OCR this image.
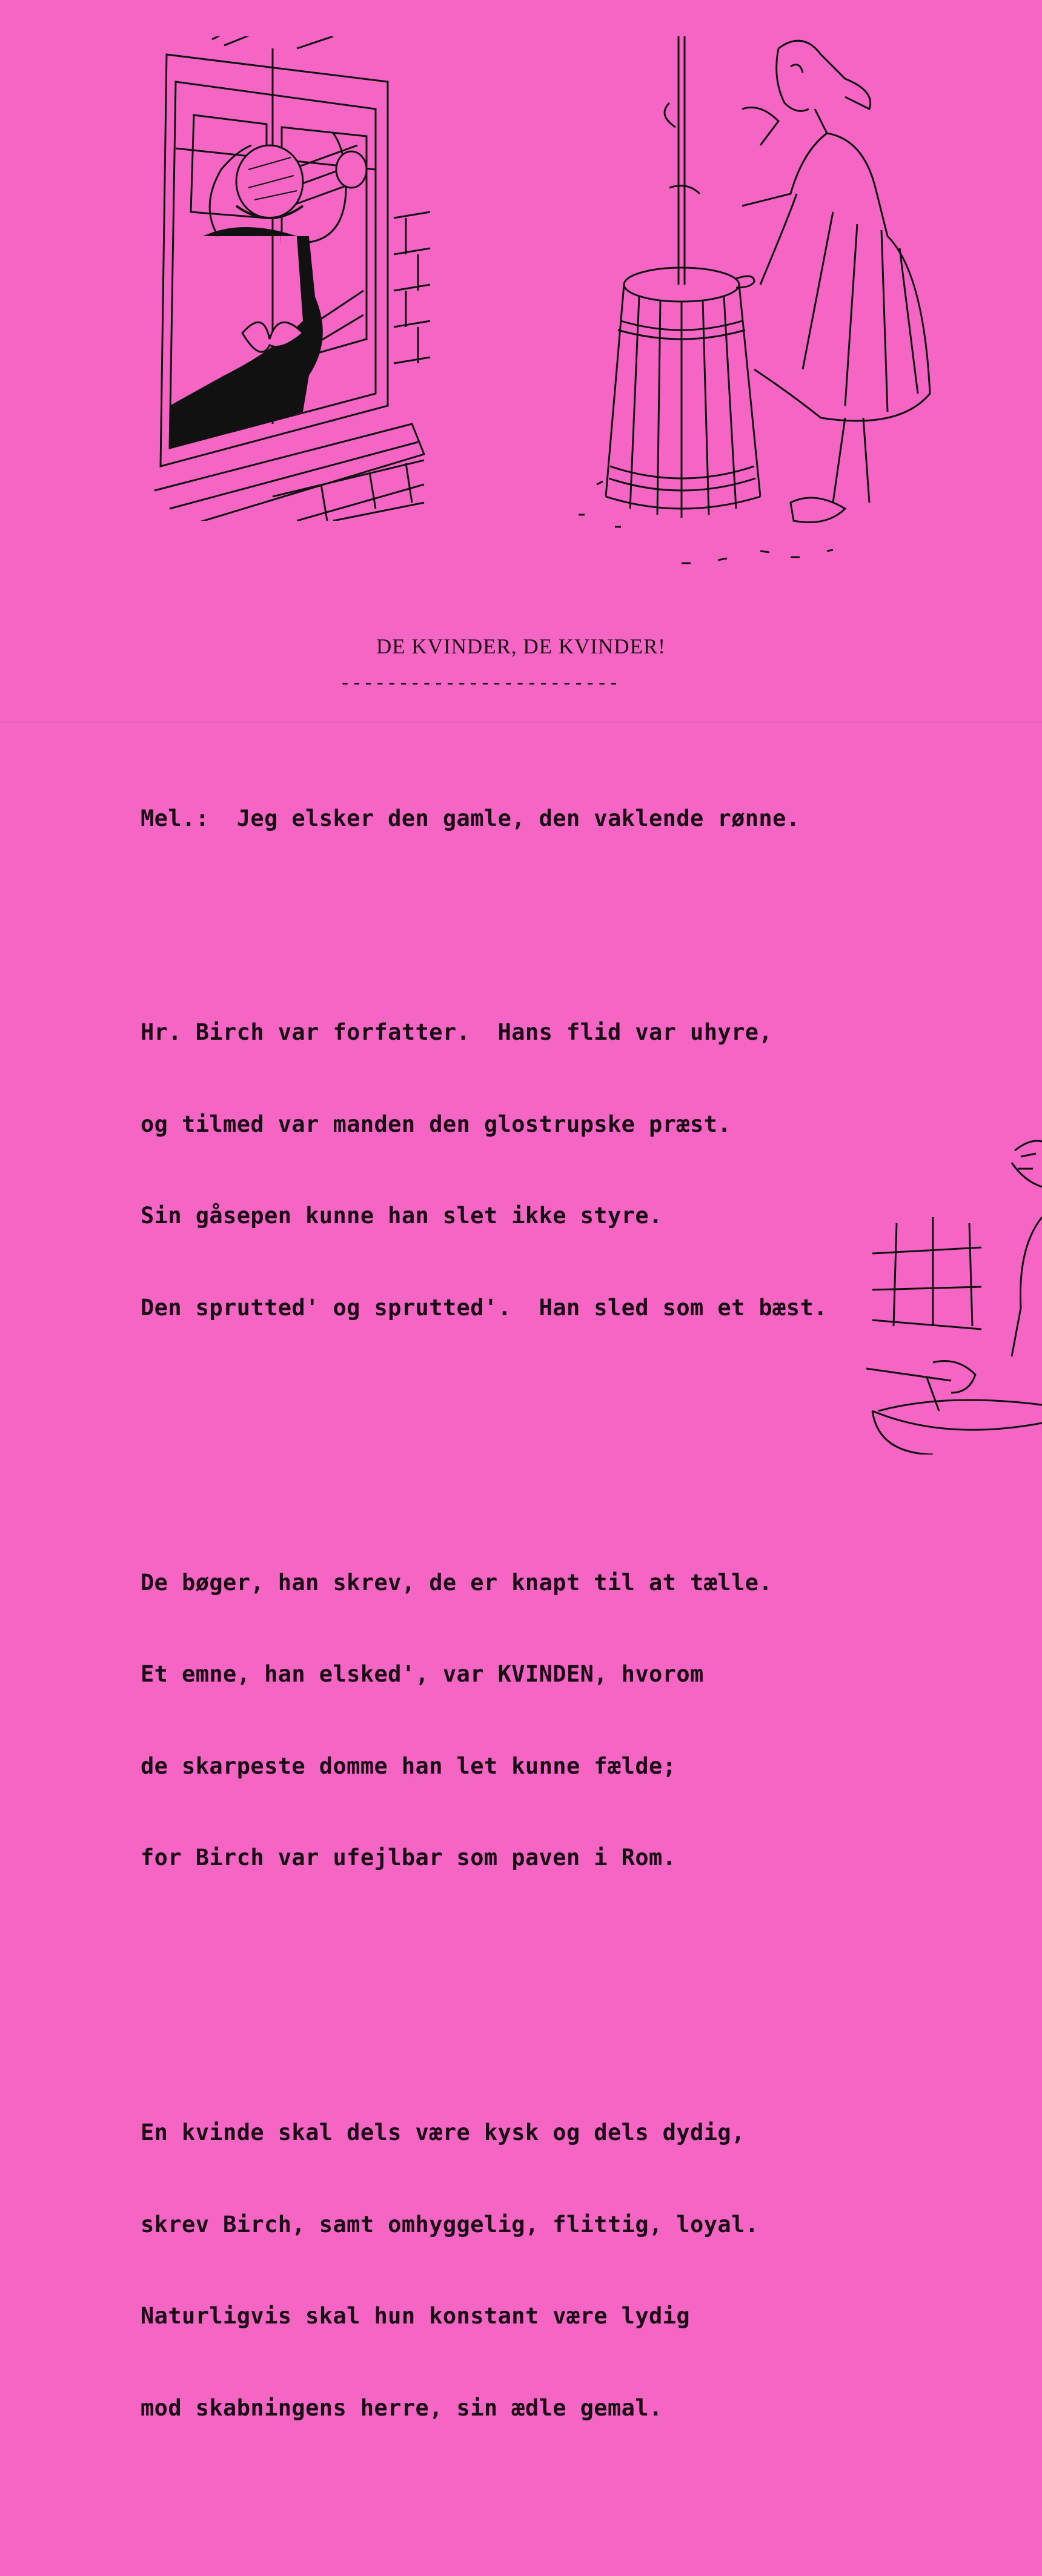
DE KVINDER, DE KVINDER!
------------------------

Mel.:  Jeg elsker den gamle, den vaklende rønne.

Hr. Birch var forfatter.  Hans flid var uhyre,

og tilmed var manden den glostrupske præst.

Sin gåsepen kunne han slet ikke styre.

Den sprutted' og sprutted'.  Han sled som et bæst.

De bøger, han skrev, de er knapt til at tælle.

Et emne, han elsked', var KVINDEN, hvorom

de skarpeste domme han let kunne fælde;

for Birch var ufejlbar som paven i Rom.

En kvinde skal dels være kysk og dels dydig,

skrev Birch, samt omhyggelig, flittig, loyal.

Naturligvis skal hun konstant være lydig

mod skabningens herre, sin ædle gemal.
